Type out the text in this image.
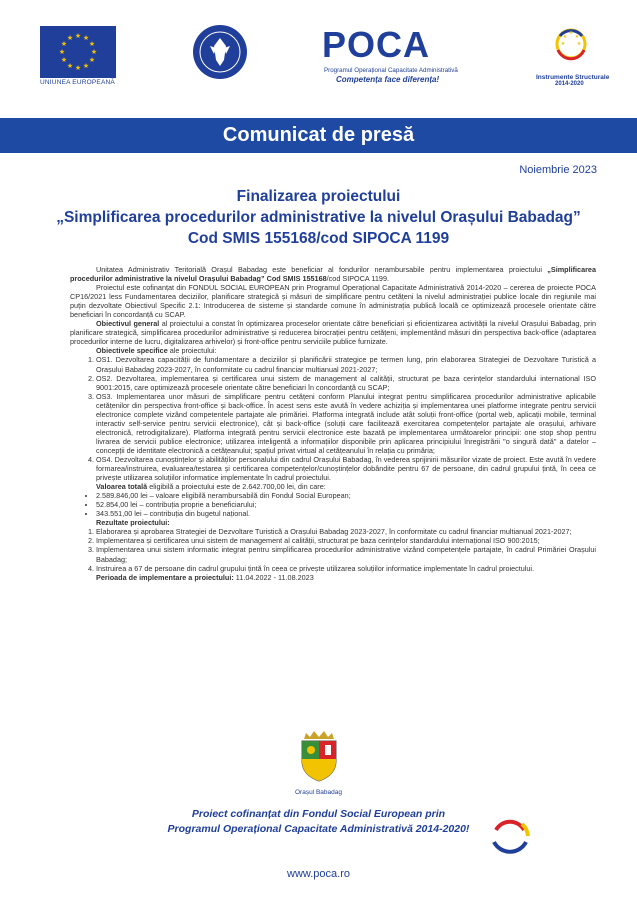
★ ★
★
★
★
★
★
★
★
★
★
★
UNIUNEA EUROPEANĂ
POCA
Programul Operațional Capacitate Administrativă
Competența face diferența!
★
★
★
★
★
Instrumente Structurale
2014-2020
Comunicat de presă
Noiembrie 2023
Finalizarea proiectului
„Simplificarea procedurilor administrative la nivelul Orașului Babadag”
Cod SMIS 155168/cod SIPOCA 1199

Unitatea Administrativ Teritorială Orașul Babadag este beneficiar al fondurilor nerambursabile pentru implementarea proiectului „Simplificarea procedurilor administrative la nivelul Orașului Babadag” Cod SMIS 155168/cod SIPOCA 1199.

Proiectul este cofinanțat din FONDUL SOCIAL EUROPEAN prin Programul Operațional Capacitate Administrativă 2014-2020 – cererea de proiecte POCA CP16/2021 less Fundamentarea deciziilor, planificare strategică și măsuri de simplificare pentru cetățeni la nivelul administrației publice locale din regiunile mai puțin dezvoltate Obiectivul Specific 2.1: Introducerea de sisteme și standarde comune în administrația publică locală ce optimizează procesele orientate către beneficiari în concordanță cu SCAP.

Obiectivul general al proiectului a constat în optimizarea proceselor orientate către beneficiari și eficientizarea activității la nivelul Orașului Babadag, prin planificare strategică, simplificarea procedurilor administrative și reducerea birocrației pentru cetățeni, implementând măsuri din perspectiva back-office (adaptarea procedurilor interne de lucru, digitalizarea arhivelor) și front-office pentru serviciile publice furnizate.

Obiectivele specifice ale proiectului:

1. OS1. Dezvoltarea capacității de fundamentare a deciziilor și planificării strategice pe termen lung, prin elaborarea Strategiei de Dezvoltare Turistică a Orașului Babadag 2023-2027, în conformitate cu cadrul financiar multianual 2021-2027;
2. OS2. Dezvoltarea, implementarea și certificarea unui sistem de management al calității, structurat pe baza cerințelor standardului international ISO 9001:2015, care optimizează procesele orientate către beneficiari în concordanță cu SCAP;
3. OS3. Implementarea unor măsuri de simplificare pentru cetățeni conform Planului integrat pentru simplificarea procedurilor administrative aplicabile cetățenilor din perspectiva front-office și back-office. În acest sens este avută în vedere achiziția și implementarea unei platforme integrate pentru servicii electronice complete vizând competentele partajate ale primăriei. Platforma integrată include atât soluții front-office (portal web, aplicații mobile, terminal interactiv self-service pentru servicii electronice), cât și back-office (soluții care facilitează exercitarea competențelor partajate ale orașului, arhivare electronică, retrodigitalizare). Platforma integrată pentru servicii electronice este bazată pe implementarea următoarelor principii: one stop shop pentru livrarea de servicii publice electronice; utilizarea inteligentă a informațiilor disponibile prin aplicarea principiului înregistrării "o singură dată" a datelor – concepții de identitate electronică a cetățeanului; spațiul privat virtual al cetățeanului în relația cu primăria;
4. OS4. Dezvoltarea cunoștințelor și abilităților personalului din cadrul Orașului Babadag, în vederea sprijinirii măsurilor vizate de proiect. Este avută în vedere formarea/instruirea, evaluarea/testarea și certificarea competențelor/cunoștințelor dobândite pentru 67 de persoane, din cadrul grupului țintă, în ceea ce privește utilizarea soluțiilor informatice implementate în cadrul proiectului.

Valoarea totală eligibilă a proiectului este de 2.642.700,00 lei, din care:

• 2.589.846,00 lei – valoare eligibilă nerambursabilă din Fondul Social European;
• 52.854,00 lei – contribuția proprie a beneficiarului;
• 343.551,00 lei – contribuția din bugetul național.

Rezultate proiectului:

1. Elaborarea și aprobarea Strategiei de Dezvoltare Turistică a Orașului Babadag 2023-2027, în conformitate cu cadrul financiar multianual 2021-2027;
2. Implementarea și certificarea unui sistem de management al calității, structurat pe baza cerințelor standardului internațional ISO 900:2015;
3. Implementarea unui sistem informatic integrat pentru simplificarea procedurilor administrative vizând competențele partajate, în cadrul Primăriei Orașului Babadag;
4. Instruirea a 67 de persoane din cadrul grupului țintă în ceea ce privește utilizarea soluțiilor informatice implementate în cadrul proiectului.

Perioada de implementare a proiectului: 11.04.2022 - 11.08.2023

Orașul Babadag
Proiect cofinanțat din Fondul Social European prin
Programul Operațional Capacitate Administrativă 2014-2020!
www.poca.ro
